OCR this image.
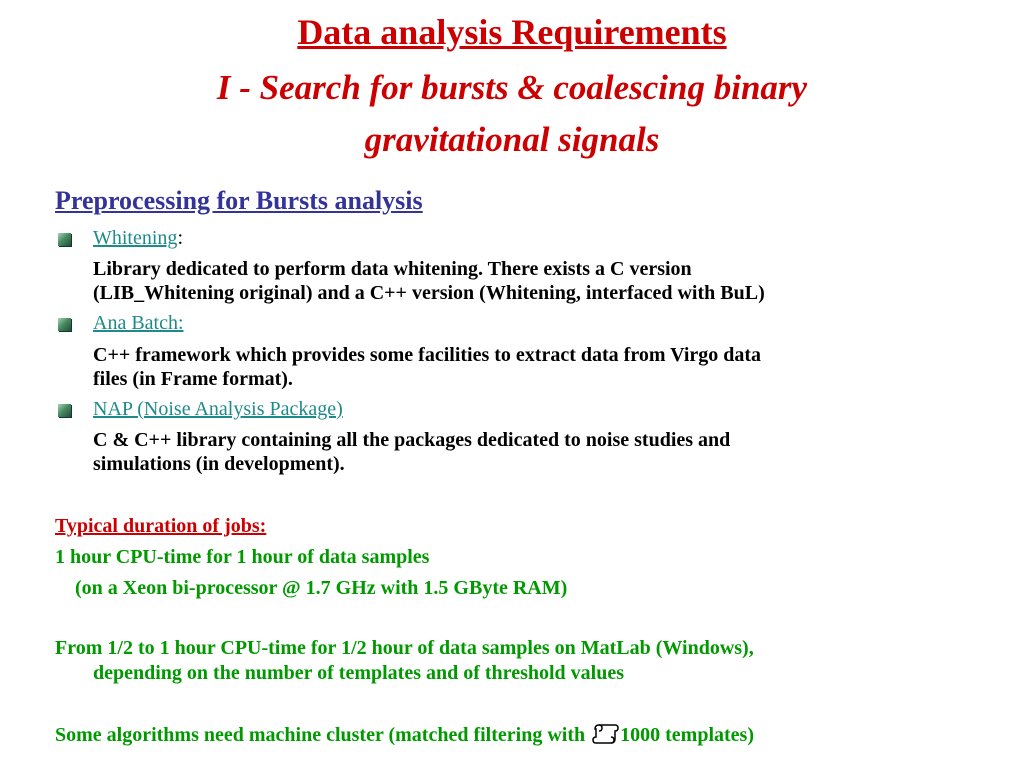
Data analysis Requirements
I - Search for bursts & coalescing binary
gravitational signals
Preprocessing for Bursts analysis
Whitening:
Library dedicated to perform data whitening. There exists a C version
(LIB_Whitening original) and a C++ version (Whitening, interfaced with BuL)
Ana Batch:
C++ framework which provides some facilities to extract data from Virgo data
files (in Frame format).
NAP (Noise Analysis Package)
C & C++ library containing all the packages dedicated to noise studies and
simulations (in development).
Typical duration of jobs:
1 hour CPU-time for 1 hour of data samples
(on a Xeon bi-processor @ 1.7 GHz with 1.5 GByte RAM)
From 1/2 to 1 hour CPU-time for 1/2 hour of data samples on MatLab (Windows),
depending on the number of templates and of threshold values
Some algorithms need machine cluster (matched filtering with 1000 templates)
